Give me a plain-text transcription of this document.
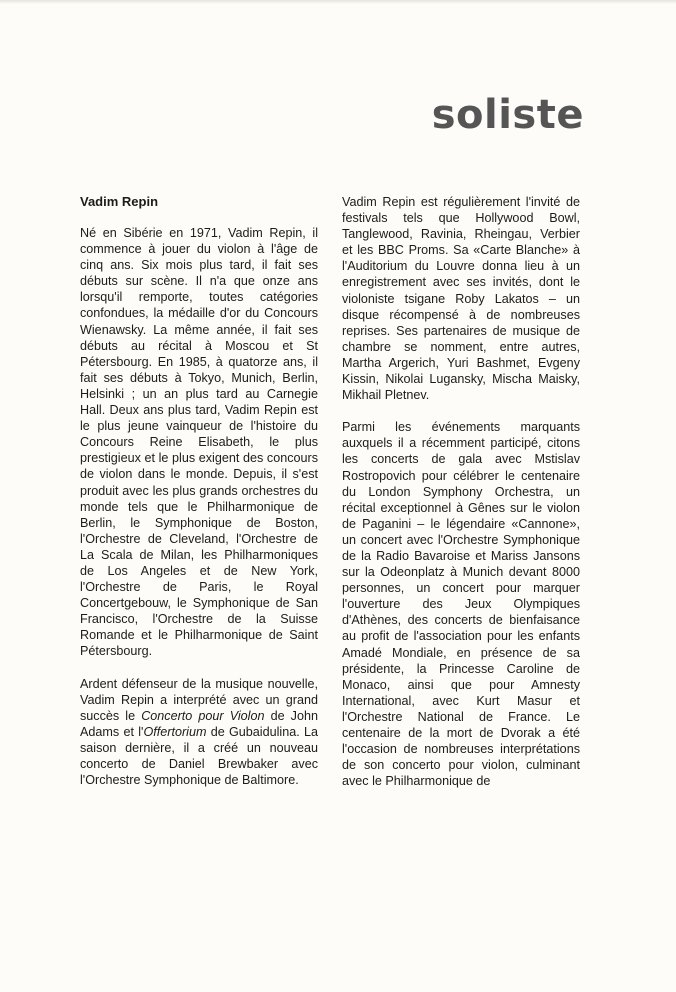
soliste
Vadim Repin

Né en Sibérie en 1971, Vadim Repin, il commence à jouer du violon à l'âge de cinq ans. Six mois plus tard, il fait ses débuts sur scène. Il n'a que onze ans lorsqu'il remporte, toutes catégories confondues, la médaille d'or du Concours Wienawsky. La même année, il fait ses débuts au récital à Moscou et St Pétersbourg. En 1985, à quatorze ans, il fait ses débuts à Tokyo, Munich, Berlin, Helsinki ; un an plus tard au Carnegie Hall. Deux ans plus tard, Vadim Repin est le plus jeune vainqueur de l'histoire du Concours Reine Elisabeth, le plus prestigieux et le plus exigent des concours de violon dans le monde. Depuis, il s'est produit avec les plus grands orchestres du monde tels que le Philharmonique de Berlin, le Symphonique de Boston, l'Orchestre de Cleveland, l'Orchestre de La Scala de Milan, les Philharmoniques de Los Angeles et de New York, l'Orchestre de Paris, le Royal Concertgebouw, le Symphonique de San Francisco, l'Orchestre de la Suisse Romande et le Philharmonique de Saint Pétersbourg.

Ardent défenseur de la musique nouvelle, Vadim Repin a interprété avec un grand succès le Concerto pour Violon de John Adams et l'Offertorium de Gubaidulina. La saison dernière, il a créé un nouveau concerto de Daniel Brewbaker avec l'Orchestre Symphonique de Baltimore.

Vadim Repin est régulièrement l'invité de festivals tels que Hollywood Bowl, Tanglewood, Ravinia, Rheingau, Verbier et les BBC Proms. Sa «Carte Blanche» à l'Auditorium du Louvre donna lieu à un enregistrement avec ses invités, dont le violoniste tsigane Roby Lakatos – un disque récompensé à de nombreuses reprises. Ses partenaires de musique de chambre se nomment, entre autres, Martha Argerich, Yuri Bashmet, Evgeny Kissin, Nikolai Lugansky, Mischa Maisky, Mikhail Pletnev.

Parmi les événements marquants auxquels il a récemment participé, citons les concerts de gala avec Mstislav Rostropovich pour célébrer le centenaire du London Symphony Orchestra, un récital exceptionnel à Gênes sur le violon de Paganini – le légendaire «Cannone», un concert avec l'Orchestre Symphonique de la Radio Bavaroise et Mariss Jansons sur la Odeonplatz à Munich devant 8000 personnes, un concert pour marquer l'ouverture des Jeux Olympiques d'Athènes, des concerts de bienfaisance au profit de l'association pour les enfants Amadé Mondiale, en présence de sa présidente, la Princesse Caroline de Monaco, ainsi que pour Amnesty International, avec Kurt Masur et l'Orchestre National de France. Le centenaire de la mort de Dvorak a été l'occasion de nombreuses interprétations de son concerto pour violon, culminant avec le Philharmonique de
